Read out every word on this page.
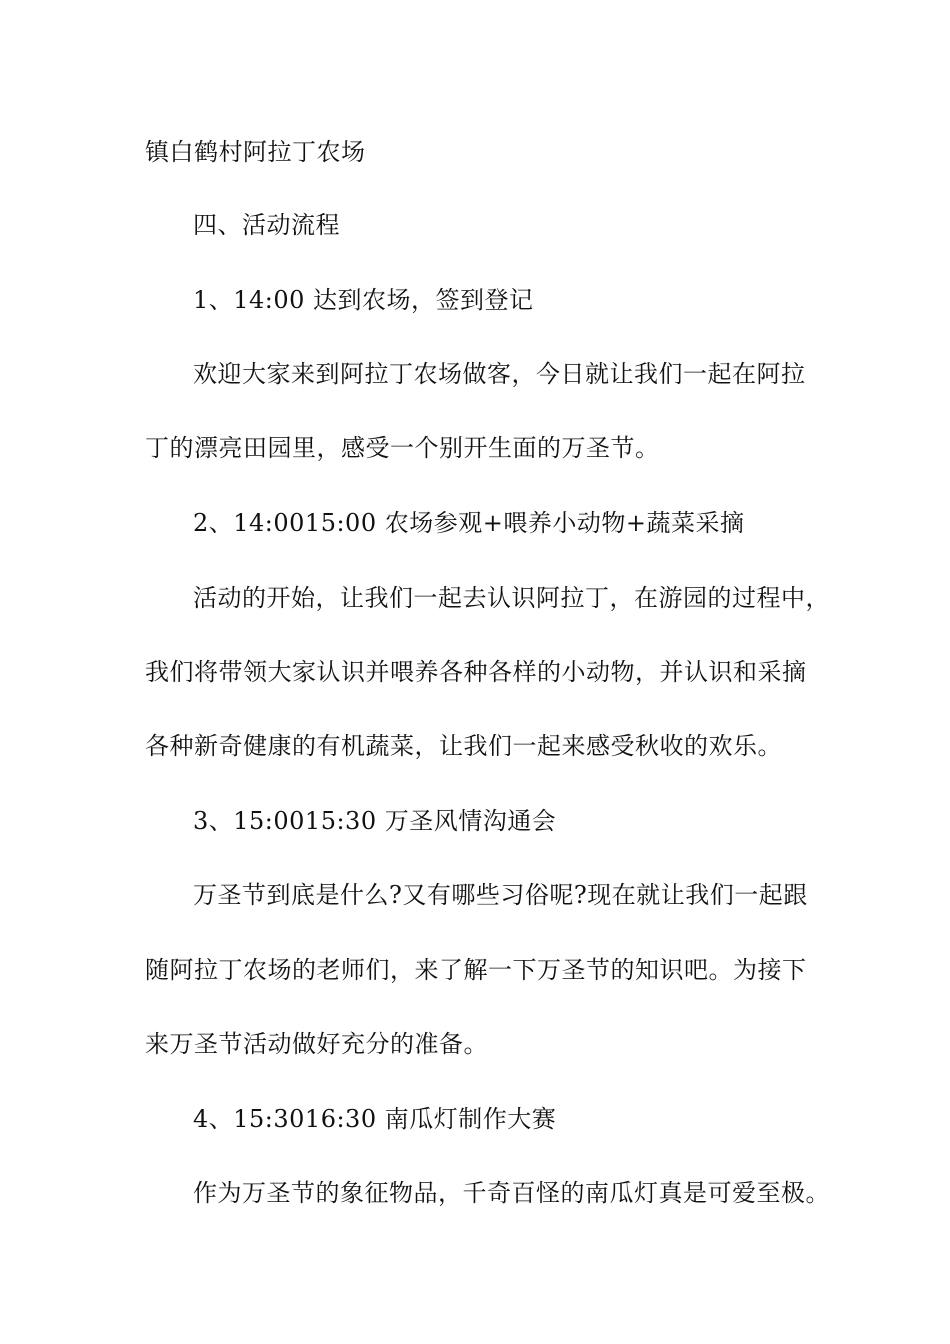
镇白鹤村阿拉丁农场
四、活动流程
1、14:00 达到农场，签到登记
欢迎大家来到阿拉丁农场做客，今日就让我们一起在阿拉
丁的漂亮田园里，感受一个别开生面的万圣节。
2、14:0015:00 农场参观+喂养小动物+蔬菜采摘
活动的开始，让我们一起去认识阿拉丁，在游园的过程中，
我们将带领大家认识并喂养各种各样的小动物，并认识和采摘
各种新奇健康的有机蔬菜，让我们一起来感受秋收的欢乐。
3、15:0015:30 万圣风情沟通会
万圣节到底是什么?又有哪些习俗呢?现在就让我们一起跟
随阿拉丁农场的老师们，来了解一下万圣节的知识吧。为接下
来万圣节活动做好充分的准备。
4、15:3016:30 南瓜灯制作大赛
作为万圣节的象征物品，千奇百怪的南瓜灯真是可爱至极。
